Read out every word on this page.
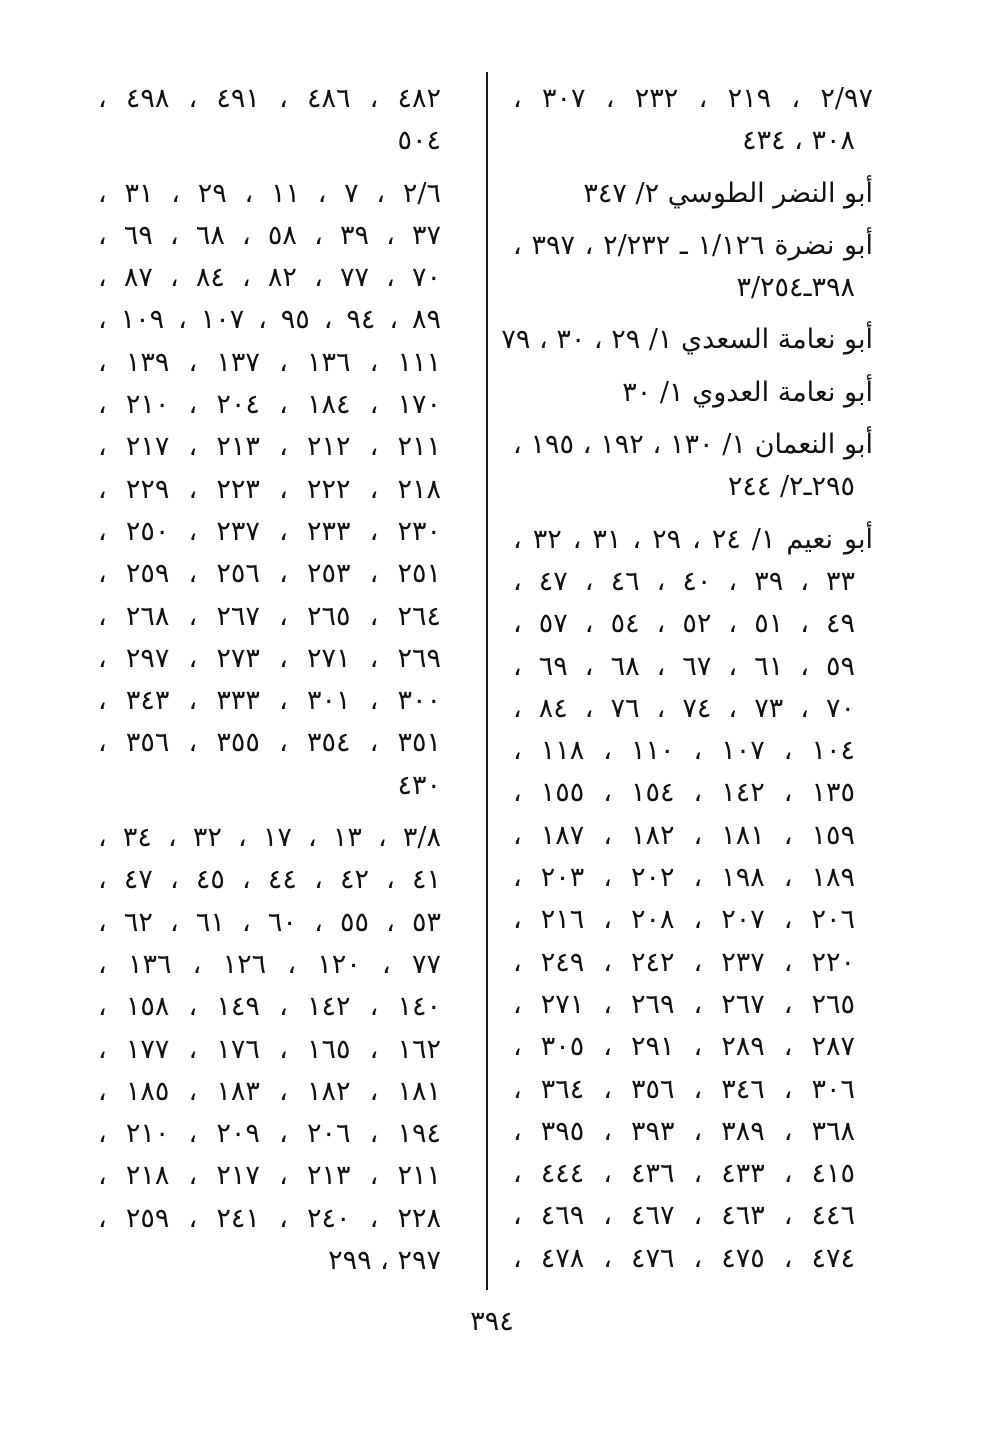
٢/٩٧ ، ٢١٩ ، ٢٣٢ ، ٣٠٧ ،
٣٠٨ ، ٤٣٤
أبو النضر الطوسي ٢/ ٣٤٧
أبو نضرة ١/١٢٦ ـ ٢/٢٣٢ ، ٣٩٧ ،
٣٩٨ـ٣/٢٥٤
أبو نعامة السعدي ١/ ٢٩ ، ٣٠ ، ٧٩
أبو نعامة العدوي ١/ ٣٠
أبو النعمان ١/ ١٣٠ ، ١٩٢ ، ١٩٥ ،
٢٩٥ـ٢/ ٢٤٤
أبو نعيم ١/ ٢٤ ، ٢٩ ، ٣١ ، ٣٢ ،
٣٣ ، ٣٩ ، ٤٠ ، ٤٦ ، ٤٧ ،
٤٩ ، ٥١ ، ٥٢ ، ٥٤ ، ٥٧ ،
٥٩ ، ٦١ ، ٦٧ ، ٦٨ ، ٦٩ ،
٧٠ ، ٧٣ ، ٧٤ ، ٧٦ ، ٨٤ ،
١٠٤ ، ١٠٧ ، ١١٠ ، ١١٨ ،
١٣٥ ، ١٤٢ ، ١٥٤ ، ١٥٥ ،
١٥٩ ، ١٨١ ، ١٨٢ ، ١٨٧ ،
١٨٩ ، ١٩٨ ، ٢٠٢ ، ٢٠٣ ،
٢٠٦ ، ٢٠٧ ، ٢٠٨ ، ٢١٦ ،
٢٢٠ ، ٢٣٧ ، ٢٤٢ ، ٢٤٩ ،
٢٦٥ ، ٢٦٧ ، ٢٦٩ ، ٢٧١ ،
٢٨٧ ، ٢٨٩ ، ٢٩١ ، ٣٠٥ ،
٣٠٦ ، ٣٤٦ ، ٣٥٦ ، ٣٦٤ ،
٣٦٨ ، ٣٨٩ ، ٣٩٣ ، ٣٩٥ ،
٤١٥ ، ٤٣٣ ، ٤٣٦ ، ٤٤٤ ،
٤٤٦ ، ٤٦٣ ، ٤٦٧ ، ٤٦٩ ،
٤٧٤ ، ٤٧٥ ، ٤٧٦ ، ٤٧٨ ،
٤٨٢ ، ٤٨٦ ، ٤٩١ ، ٤٩٨ ،
٥٠٤
٢/٦ ، ٧ ، ١١ ، ٢٩ ، ٣١ ،
٣٧ ، ٣٩ ، ٥٨ ، ٦٨ ، ٦٩ ،
٧٠ ، ٧٧ ، ٨٢ ، ٨٤ ، ٨٧ ،
٨٩ ، ٩٤ ، ٩٥ ، ١٠٧ ، ١٠٩ ،
١١١ ، ١٣٦ ، ١٣٧ ، ١٣٩ ،
١٧٠ ، ١٨٤ ، ٢٠٤ ، ٢١٠ ،
٢١١ ، ٢١٢ ، ٢١٣ ، ٢١٧ ،
٢١٨ ، ٢٢٢ ، ٢٢٣ ، ٢٢٩ ،
٢٣٠ ، ٢٣٣ ، ٢٣٧ ، ٢٥٠ ،
٢٥١ ، ٢٥٣ ، ٢٥٦ ، ٢٥٩ ،
٢٦٤ ، ٢٦٥ ، ٢٦٧ ، ٢٦٨ ،
٢٦٩ ، ٢٧١ ، ٢٧٣ ، ٢٩٧ ،
٣٠٠ ، ٣٠١ ، ٣٣٣ ، ٣٤٣ ،
٣٥١ ، ٣٥٤ ، ٣٥٥ ، ٣٥٦ ،
٤٣٠
٣/٨ ، ١٣ ، ١٧ ، ٣٢ ، ٣٤ ،
٤١ ، ٤٢ ، ٤٤ ، ٤٥ ، ٤٧ ،
٥٣ ، ٥٥ ، ٦٠ ، ٦١ ، ٦٢ ،
٧٧ ، ١٢٠ ، ١٢٦ ، ١٣٦ ،
١٤٠ ، ١٤٢ ، ١٤٩ ، ١٥٨ ،
١٦٢ ، ١٦٥ ، ١٧٦ ، ١٧٧ ،
١٨١ ، ١٨٢ ، ١٨٣ ، ١٨٥ ،
١٩٤ ، ٢٠٦ ، ٢٠٩ ، ٢١٠ ،
٢١١ ، ٢١٣ ، ٢١٧ ، ٢١٨ ،
٢٢٨ ، ٢٤٠ ، ٢٤١ ، ٢٥٩ ،
٢٩٧ ، ٢٩٩
٣٩٤
